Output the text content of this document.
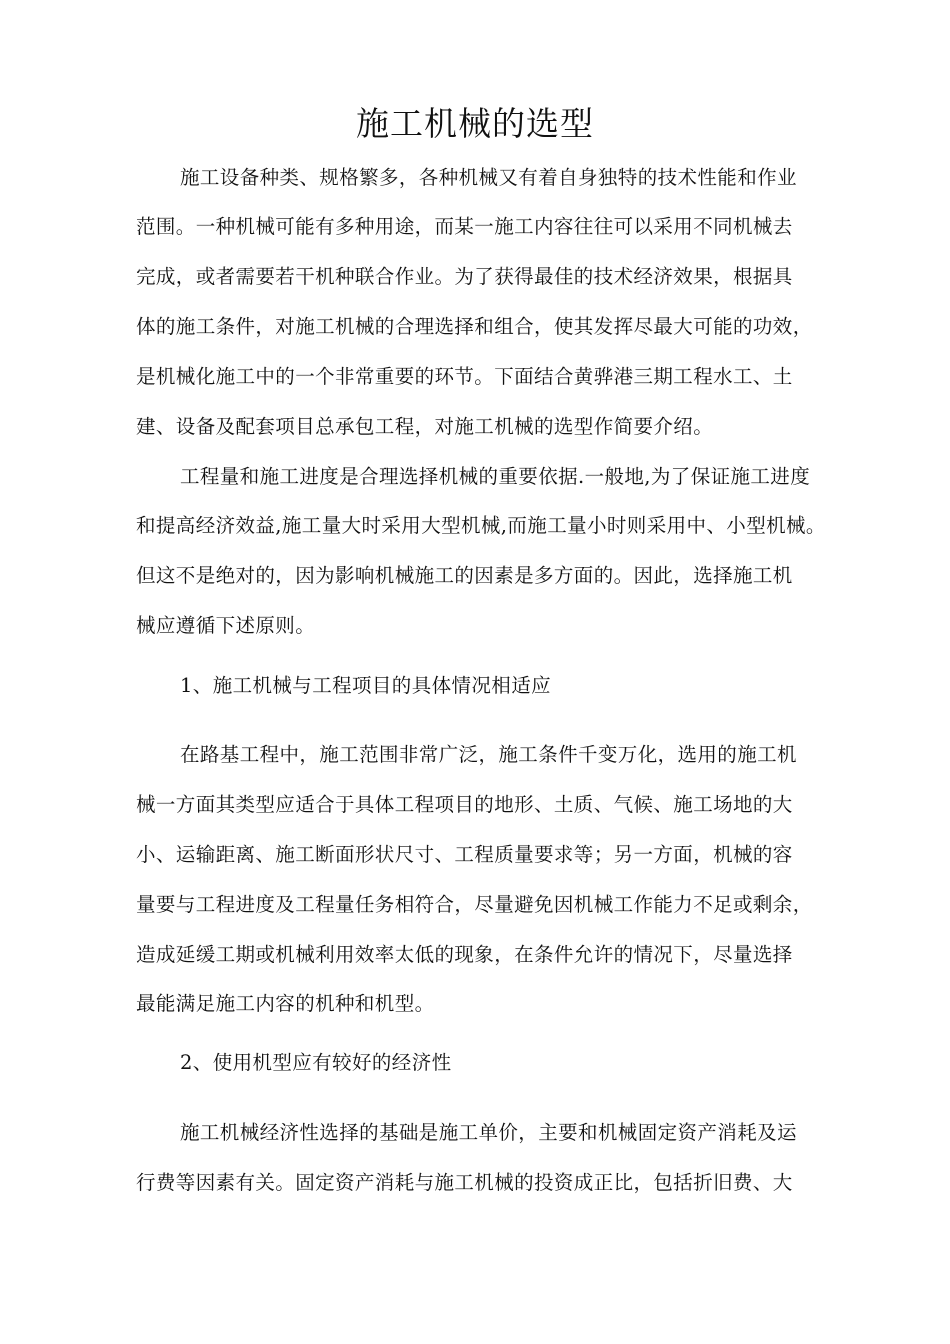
施工机械的选型
施工设备种类、规格繁多，各种机械又有着自身独特的技术性能和作业
范围。一种机械可能有多种用途，而某一施工内容往往可以采用不同机械去
完成，或者需要若干机种联合作业。为了获得最佳的技术经济效果，根据具
体的施工条件，对施工机械的合理选择和组合，使其发挥尽最大可能的功效，
是机械化施工中的一个非常重要的环节。下面结合黄骅港三期工程水工、土
建、设备及配套项目总承包工程，对施工机械的选型作简要介绍。
工程量和施工进度是合理选择机械的重要依据.一般地,为了保证施工进度
和提高经济效益,施工量大时采用大型机械,而施工量小时则采用中、小型机械。
但这不是绝对的，因为影响机械施工的因素是多方面的。因此，选择施工机
械应遵循下述原则。
1、施工机械与工程项目的具体情况相适应
在路基工程中，施工范围非常广泛，施工条件千变万化，选用的施工机
械一方面其类型应适合于具体工程项目的地形、土质、气候、施工场地的大
小、运输距离、施工断面形状尺寸、工程质量要求等；另一方面，机械的容
量要与工程进度及工程量任务相符合，尽量避免因机械工作能力不足或剩余，
造成延缓工期或机械利用效率太低的现象，在条件允许的情况下，尽量选择
最能满足施工内容的机种和机型。
2、使用机型应有较好的经济性
施工机械经济性选择的基础是施工单价，主要和机械固定资产消耗及运
行费等因素有关。固定资产消耗与施工机械的投资成正比，包括折旧费、大
